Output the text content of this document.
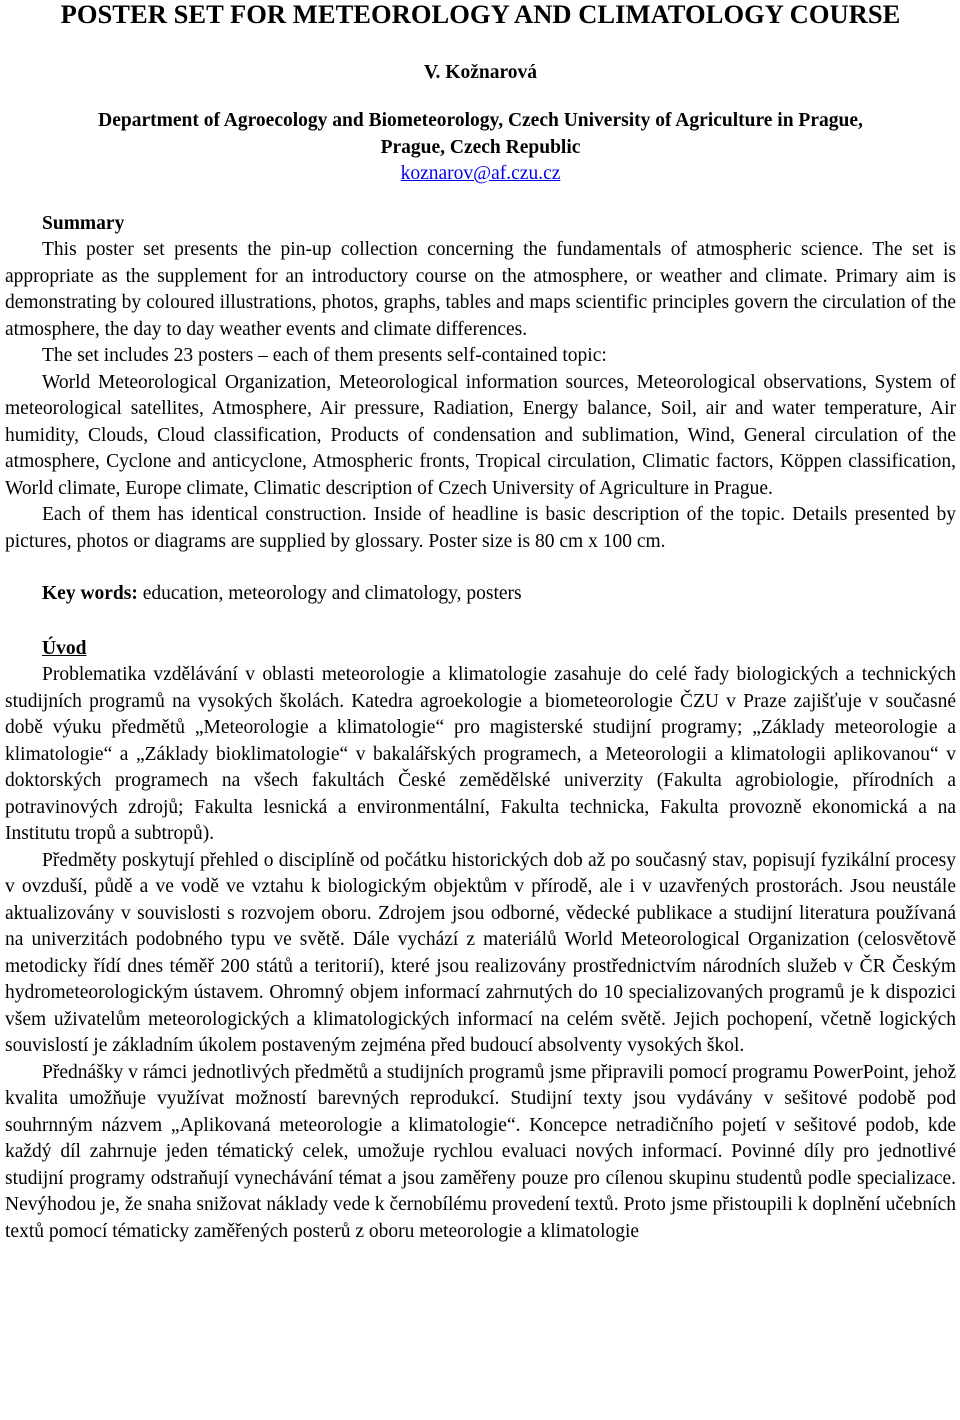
POSTER SET FOR METEOROLOGY AND CLIMATOLOGY COURSE
V. Kožnarová
Department of Agroecology and Biometeorology, Czech University of Agriculture in Prague,
Prague, Czech Republic
koznarov@af.czu.cz
Summary

This poster set presents the pin-up collection concerning the fundamentals of atmospheric science. The set is appropriate as the supplement for an introductory course on the atmosphere, or weather and climate. Primary aim is demonstrating by coloured illustrations, photos, graphs, tables and maps scientific principles govern the circulation of the atmosphere, the day to day weather events and climate differences.

The set includes 23 posters – each of them presents self-contained topic:

World Meteorological Organization, Meteorological information sources, Meteorological observations, System of meteorological satellites, Atmosphere, Air pressure, Radiation, Energy balance, Soil, air and water temperature, Air humidity, Clouds, Cloud classification, Products of condensation and sublimation, Wind, General circulation of the atmosphere, Cyclone and anticyclone, Atmospheric fronts, Tropical circulation, Climatic factors, Köppen classification, World climate, Europe climate, Climatic description of Czech University of Agriculture in Prague.

Each of them has identical construction. Inside of headline is basic description of the topic. Details presented by pictures, photos or diagrams are supplied by glossary. Poster size is 80 cm x 100 cm.

Key words: education, meteorology and climatology, posters
Úvod

Problematika vzdělávání v oblasti meteorologie a klimatologie zasahuje do celé řady biologických a technických studijních programů na vysokých školách. Katedra agroekologie a biometeorologie ČZU v Praze zajišťuje v současné době výuku předmětů „Meteorologie a klimatologie“ pro magisterské studijní programy; „Základy meteorologie a klimatologie“ a „Základy bioklimatologie“ v bakalářských programech, a Meteorologii a klimatologii aplikovanou“ v doktorských programech na všech fakultách České zemědělské univerzity (Fakulta agrobiologie, přírodních a potravinových zdrojů; Fakulta lesnická a environmentální, Fakulta technicka, Fakulta provozně ekonomická a na Institutu tropů a subtropů).

Předměty poskytují přehled o disciplíně od počátku historických dob až po současný stav, popisují fyzikální procesy v ovzduší, půdě a ve vodě ve vztahu k biologickým objektům v přírodě, ale i v uzavřených prostorách. Jsou neustále aktualizovány v souvislosti s rozvojem oboru. Zdrojem jsou odborné, vědecké publikace a studijní literatura používaná na univerzitách podobného typu ve světě. Dále vychází z materiálů World Meteorological Organization (celosvětově metodicky řídí dnes téměř 200 států a teritorií), které jsou realizovány prostřednictvím národních služeb v ČR Českým hydrometeorologickým ústavem. Ohromný objem informací zahrnutých do 10 specializovaných programů je k dispozici všem uživatelům meteorologických a klimatologických informací na celém světě. Jejich pochopení, včetně logických souvislostí je základním úkolem postaveným zejména před budoucí absolventy vysokých škol.

Přednášky v rámci jednotlivých předmětů a studijních programů jsme připravili pomocí programu PowerPoint, jehož kvalita umožňuje využívat možností barevných reprodukcí. Studijní texty jsou vydávány v sešitové podobě pod souhrnným názvem „Aplikovaná meteorologie a klimatologie“. Koncepce netradičního pojetí v sešitové podob, kde každý díl zahrnuje jeden tématický celek, umožuje rychlou evaluaci nových informací. Povinné díly pro jednotlivé studijní programy odstraňují vynechávání témat a jsou zaměřeny pouze pro cílenou skupinu studentů podle specializace. Nevýhodou je, že snaha snižovat náklady vede k černobílému provedení textů. Proto jsme přistoupili k doplnění učebních textů pomocí tématicky zaměřených posterů z oboru meteorologie a klimatologie
